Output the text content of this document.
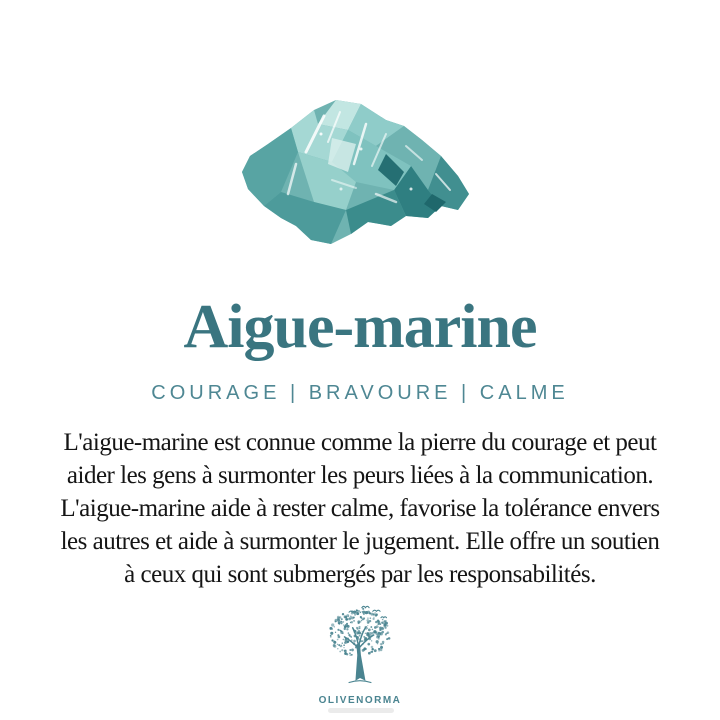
Aigue-marine
COURAGE | BRAVOURE | CALME
L'aigue-marine est connue comme la pierre du courage et peut
aider les gens à surmonter les peurs liées à la communication.
L'aigue-marine aide à rester calme, favorise la tolérance envers
les autres et aide à surmonter le jugement. Elle offre un soutien
à ceux qui sont submergés par les responsabilités.
OLIVENORMA
